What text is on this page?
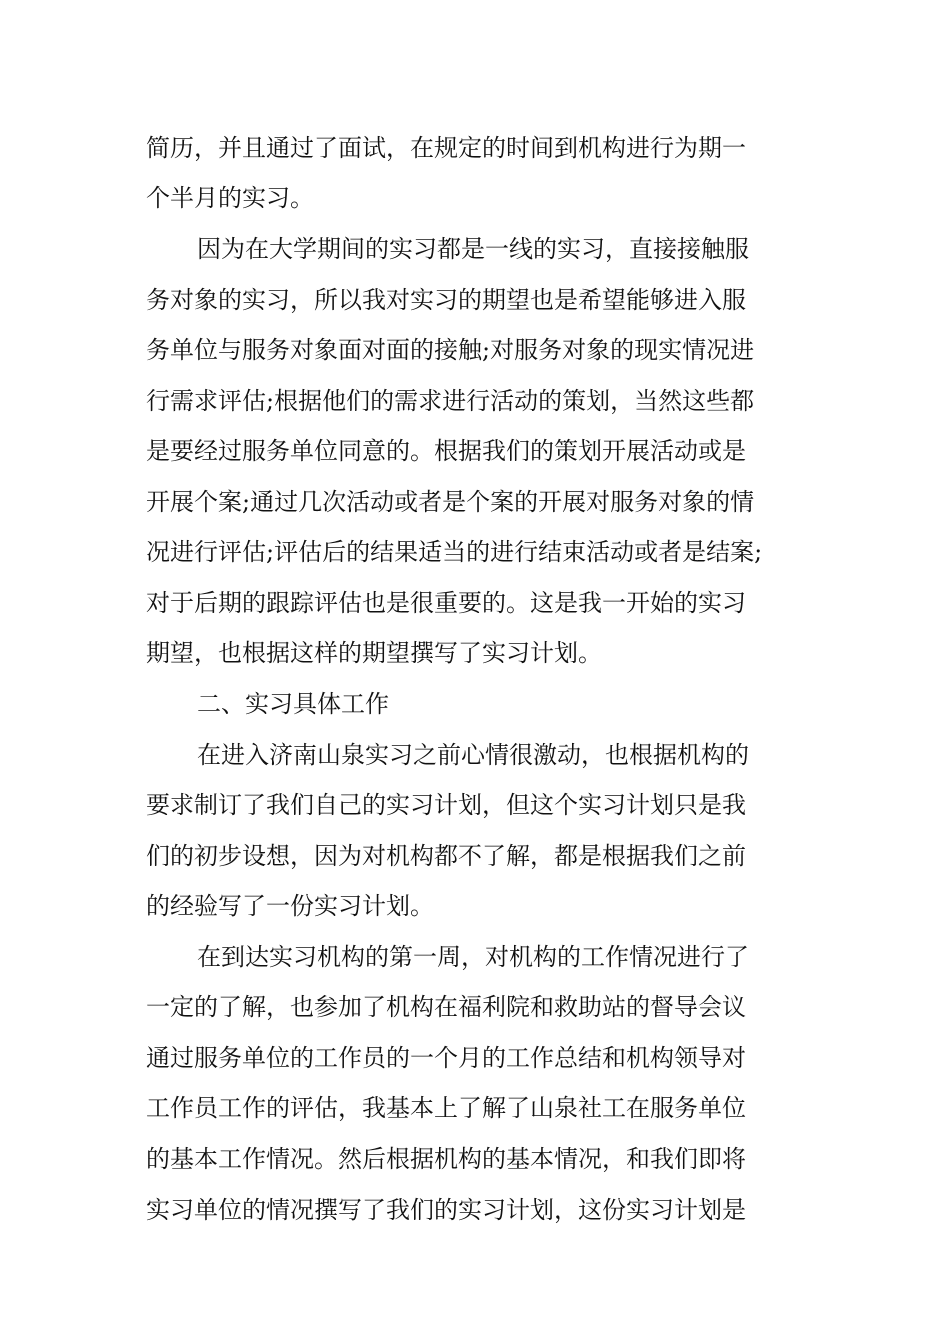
简历，并且通过了面试，在规定的时间到机构进行为期一
个半月的实习。
因为在大学期间的实习都是一线的实习，直接接触服
务对象的实习，所以我对实习的期望也是希望能够进入服
务单位与服务对象面对面的接触;对服务对象的现实情况进
行需求评估;根据他们的需求进行活动的策划，当然这些都
是要经过服务单位同意的。根据我们的策划开展活动或是
开展个案;通过几次活动或者是个案的开展对服务对象的情
况进行评估;评估后的结果适当的进行结束活动或者是结案;
对于后期的跟踪评估也是很重要的。这是我一开始的实习
期望，也根据这样的期望撰写了实习计划。
二、实习具体工作
在进入济南山泉实习之前心情很激动，也根据机构的
要求制订了我们自己的实习计划，但这个实习计划只是我
们的初步设想，因为对机构都不了解，都是根据我们之前
的经验写了一份实习计划。
在到达实习机构的第一周，对机构的工作情况进行了
一定的了解，也参加了机构在福利院和救助站的督导会议
通过服务单位的工作员的一个月的工作总结和机构领导对
工作员工作的评估，我基本上了解了山泉社工在服务单位
的基本工作情况。然后根据机构的基本情况，和我们即将
实习单位的情况撰写了我们的实习计划，这份实习计划是
